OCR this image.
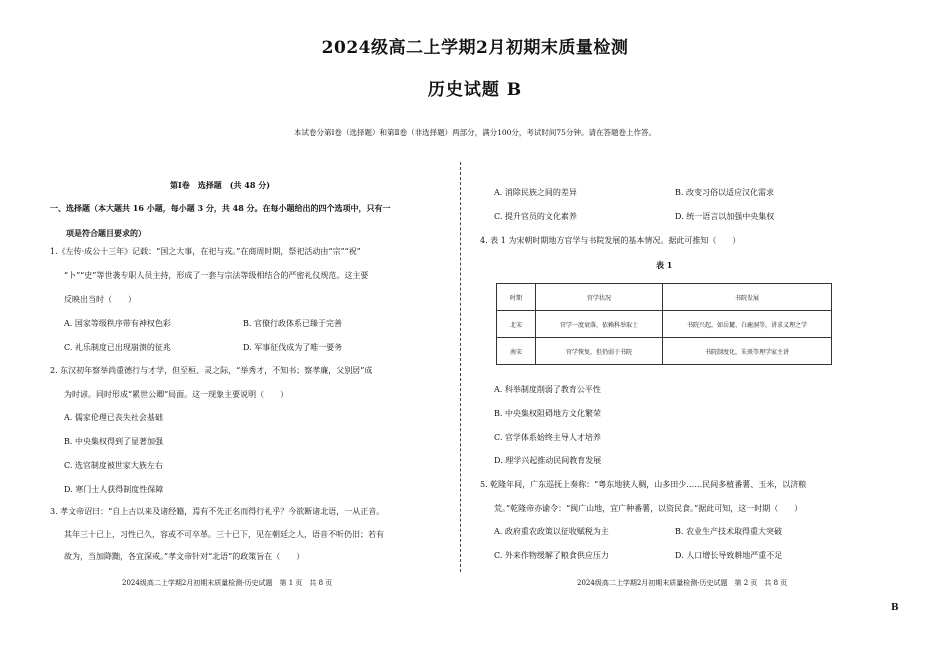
2024级高二上学期2月初期末质量检测
历史试题 B
本试卷分第Ⅰ卷（选择题）和第Ⅱ卷（非选择题）两部分，满分100分，考试时间75分钟。请在答题卷上作答。
第Ⅰ卷　选择题　(共 48 分)
一、选择题（本大题共 16 小题，每小题 3 分，共 48 分。在每小题给出的四个选项中，只有一
项是符合题目要求的）
1.《左传·成公十三年》记载：“国之大事，在祀与戎。”在商周时期，祭祀活动由“宗”“祝”
“卜”“史”等世袭专职人员主持，形成了一套与宗法等级相结合的严密礼仪规范。这主要
反映出当时（　　）
A. 国家等级秩序带有神权色彩	B. 官僚行政体系已臻于完善
C. 礼乐制度已出现崩溃的征兆	D. 军事征伐成为了唯一要务
2. 东汉初年察举尚重德行与才学，但至桓、灵之际，“举秀才，不知书；察孝廉，父别居”成
为时谚。同时形成“累世公卿”局面。这一现象主要说明（　　）
A. 儒家伦理已丧失社会基础
B. 中央集权得到了显著加强
C. 选官制度被世家大族左右
D. 寒门士人获得制度性保障
3. 孝文帝诏曰：“自上古以来及诸经籍，焉有不先正名而得行礼乎？今欲断诸北语，一从正音。
其年三十已上，习性已久，容或不可卒革。三十已下，见在朝廷之人，语音不听仍旧；若有
故为，当加降黜，各宜深戒。”孝文帝针对“北语”的政策旨在（　　）
2024级高二上学期2月初期末质量检测·历史试题　第 1 页　共 8 页
A. 消除民族之间的差异	B. 改变习俗以适应汉化需求
C. 提升官员的文化素养	D. 统一语言以加强中央集权
4. 表 1 为宋朝时期地方官学与书院发展的基本情况。据此可推知（　　）
表 1
时期	官学状况	书院发展
北宋	官学一度衰落，依赖科举取士	书院兴起，如岳麓、白鹿洞等，讲求义理之学
南宋	官学恢复，但仍弱于书院	书院制度化，朱熹等理学家主讲
A. 科举制度削弱了教育公平性
B. 中央集权阻碍地方文化繁荣
C. 官学体系始终主导人才培养
D. 理学兴起推动民间教育发展
5. 乾隆年间，广东巡抚上奏称：“粤东地狭人稠，山多田少……民间多植番薯、玉米，以济粮
荒。”乾隆帝亦谕令：“闽广山地，宜广种番薯，以资民食。”据此可知，这一时期（　　）
A. 政府重农政策以征收赋税为主	B. 农业生产技术取得重大突破
C. 外来作物缓解了粮食供应压力	D. 人口增长导致耕地严重不足
2024级高二上学期2月初期末质量检测·历史试题　第 2 页　共 8 页
B
